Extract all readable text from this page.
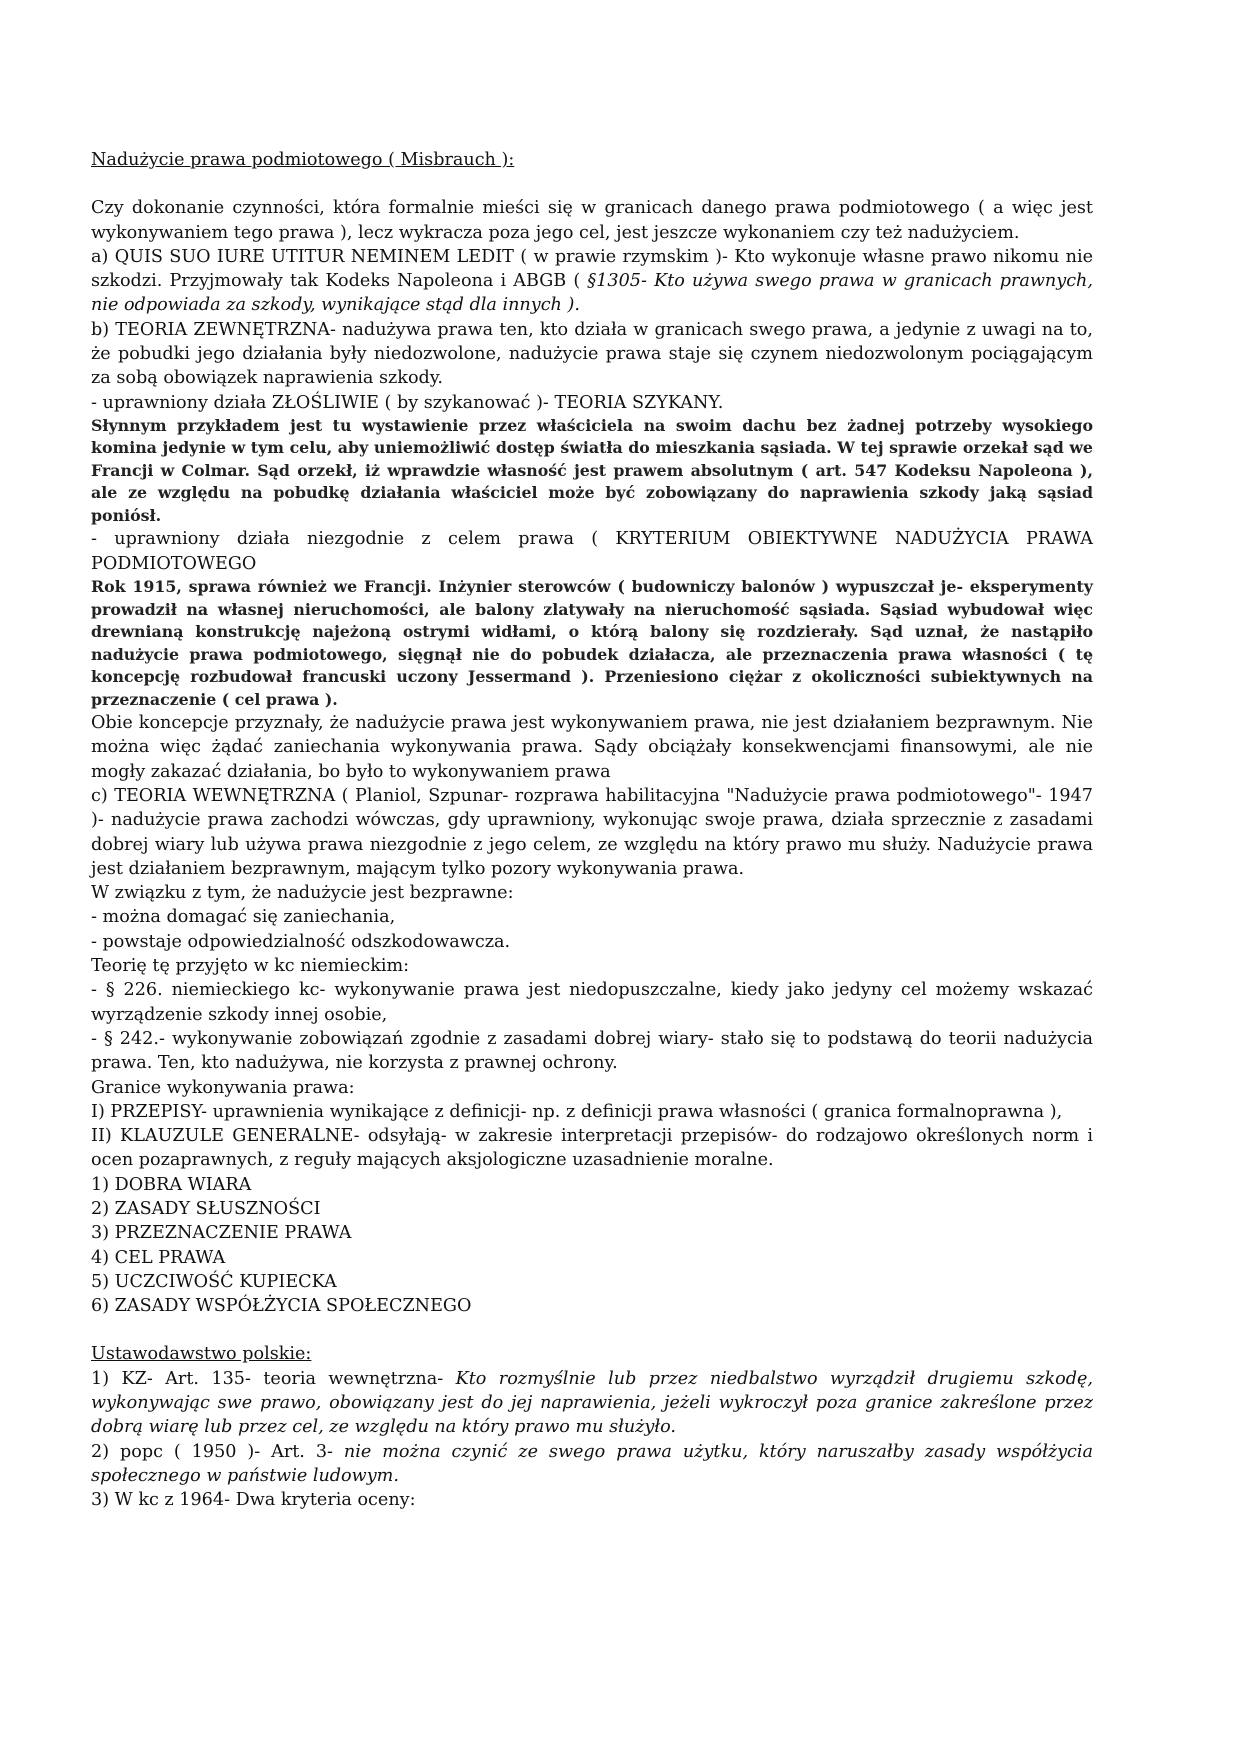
Nadużycie prawa podmiotowego ( Misbrauch ):

Czy dokonanie czynności, która formalnie mieści się w granicach danego prawa podmiotowego ( a więc jest wykonywaniem tego prawa ), lecz wykracza poza jego cel, jest jeszcze wykonaniem czy też nadużyciem.

a) QUIS SUO IURE UTITUR NEMINEM LEDIT ( w prawie rzymskim )- Kto wykonuje własne prawo nikomu nie szkodzi. Przyjmowały tak Kodeks Napoleona i ABGB ( §1305- Kto używa swego prawa w granicach prawnych, nie odpowiada za szkody, wynikające stąd dla innych ).

b) TEORIA ZEWNĘTRZNA- nadużywa prawa ten, kto działa w granicach swego prawa, a jedynie z uwagi na to, że pobudki jego działania były niedozwolone, nadużycie prawa staje się czynem niedozwolonym pociągającym za sobą obowiązek naprawienia szkody.

- uprawniony działa ZŁOŚLIWIE ( by szykanować )- TEORIA SZYKANY.

Słynnym przykładem jest tu wystawienie przez właściciela na swoim dachu bez żadnej potrzeby wysokiego komina jedynie w tym celu, aby uniemożliwić dostęp światła do mieszkania sąsiada. W tej sprawie orzekał sąd we Francji w Colmar. Sąd orzekł, iż wprawdzie własność jest prawem absolutnym ( art. 547 Kodeksu Napoleona ), ale ze względu na pobudkę działania właściciel może być zobowiązany do naprawienia szkody jaką sąsiad poniósł.

- uprawniony działa niezgodnie z celem prawa ( KRYTERIUM OBIEKTYWNE NADUŻYCIA PRAWA PODMIOTOWEGO

Rok 1915, sprawa również we Francji. Inżynier sterowców ( budowniczy balonów ) wypuszczał je- eksperymenty prowadził na własnej nieruchomości, ale balony zlatywały na nieruchomość sąsiada. Sąsiad wybudował więc drewnianą konstrukcję najeżoną ostrymi widłami, o którą balony się rozdzierały. Sąd uznał, że nastąpiło nadużycie prawa podmiotowego, sięgnął nie do pobudek działacza, ale przeznaczenia prawa własności ( tę koncepcję rozbudował francuski uczony Jessermand ). Przeniesiono ciężar z okoliczności subiektywnych na przeznaczenie ( cel prawa ).

Obie koncepcje przyznały, że nadużycie prawa jest wykonywaniem prawa, nie jest działaniem bezprawnym. Nie można więc żądać zaniechania wykonywania prawa. Sądy obciążały konsekwencjami finansowymi, ale nie mogły zakazać działania, bo było to wykonywaniem prawa

c) TEORIA WEWNĘTRZNA ( Planiol, Szpunar- rozprawa habilitacyjna "Nadużycie prawa podmiotowego"- 1947 )- nadużycie prawa zachodzi wówczas, gdy uprawniony, wykonując swoje prawa, działa sprzecznie z zasadami dobrej wiary lub używa prawa niezgodnie z jego celem, ze względu na który prawo mu służy. Nadużycie prawa jest działaniem bezprawnym, mającym tylko pozory wykonywania prawa.

W związku z tym, że nadużycie jest bezprawne:

- można domagać się zaniechania,

- powstaje odpowiedzialność odszkodowawcza.

Teorię tę przyjęto w kc niemieckim:

- § 226. niemieckiego kc- wykonywanie prawa jest niedopuszczalne, kiedy jako jedyny cel możemy wskazać wyrządzenie szkody innej osobie,

- § 242.- wykonywanie zobowiązań zgodnie z zasadami dobrej wiary- stało się to podstawą do teorii nadużycia prawa. Ten, kto nadużywa, nie korzysta z prawnej ochrony.

Granice wykonywania prawa:

I) PRZEPISY- uprawnienia wynikające z definicji- np. z definicji prawa własności ( granica formalnoprawna ),

II) KLAUZULE GENERALNE- odsyłają- w zakresie interpretacji przepisów- do rodzajowo określonych norm i ocen pozaprawnych, z reguły mających aksjologiczne uzasadnienie moralne.

1) DOBRA WIARA

2) ZASADY SŁUSZNOŚCI

3) PRZEZNACZENIE PRAWA

4) CEL PRAWA

5) UCZCIWOŚĆ KUPIECKA

6) ZASADY WSPÓŁŻYCIA SPOŁECZNEGO

Ustawodawstwo polskie:

1) KZ- Art. 135- teoria wewnętrzna- Kto rozmyślnie lub przez niedbalstwo wyrządził drugiemu szkodę, wykonywając swe prawo, obowiązany jest do jej naprawienia, jeżeli wykroczył poza granice zakreślone przez dobrą wiarę lub przez cel, ze względu na który prawo mu służyło.

2) popc ( 1950 )- Art. 3- nie można czynić ze swego prawa użytku, który naruszałby zasady współżycia społecznego w państwie ludowym.

3) W kc z 1964- Dwa kryteria oceny:
